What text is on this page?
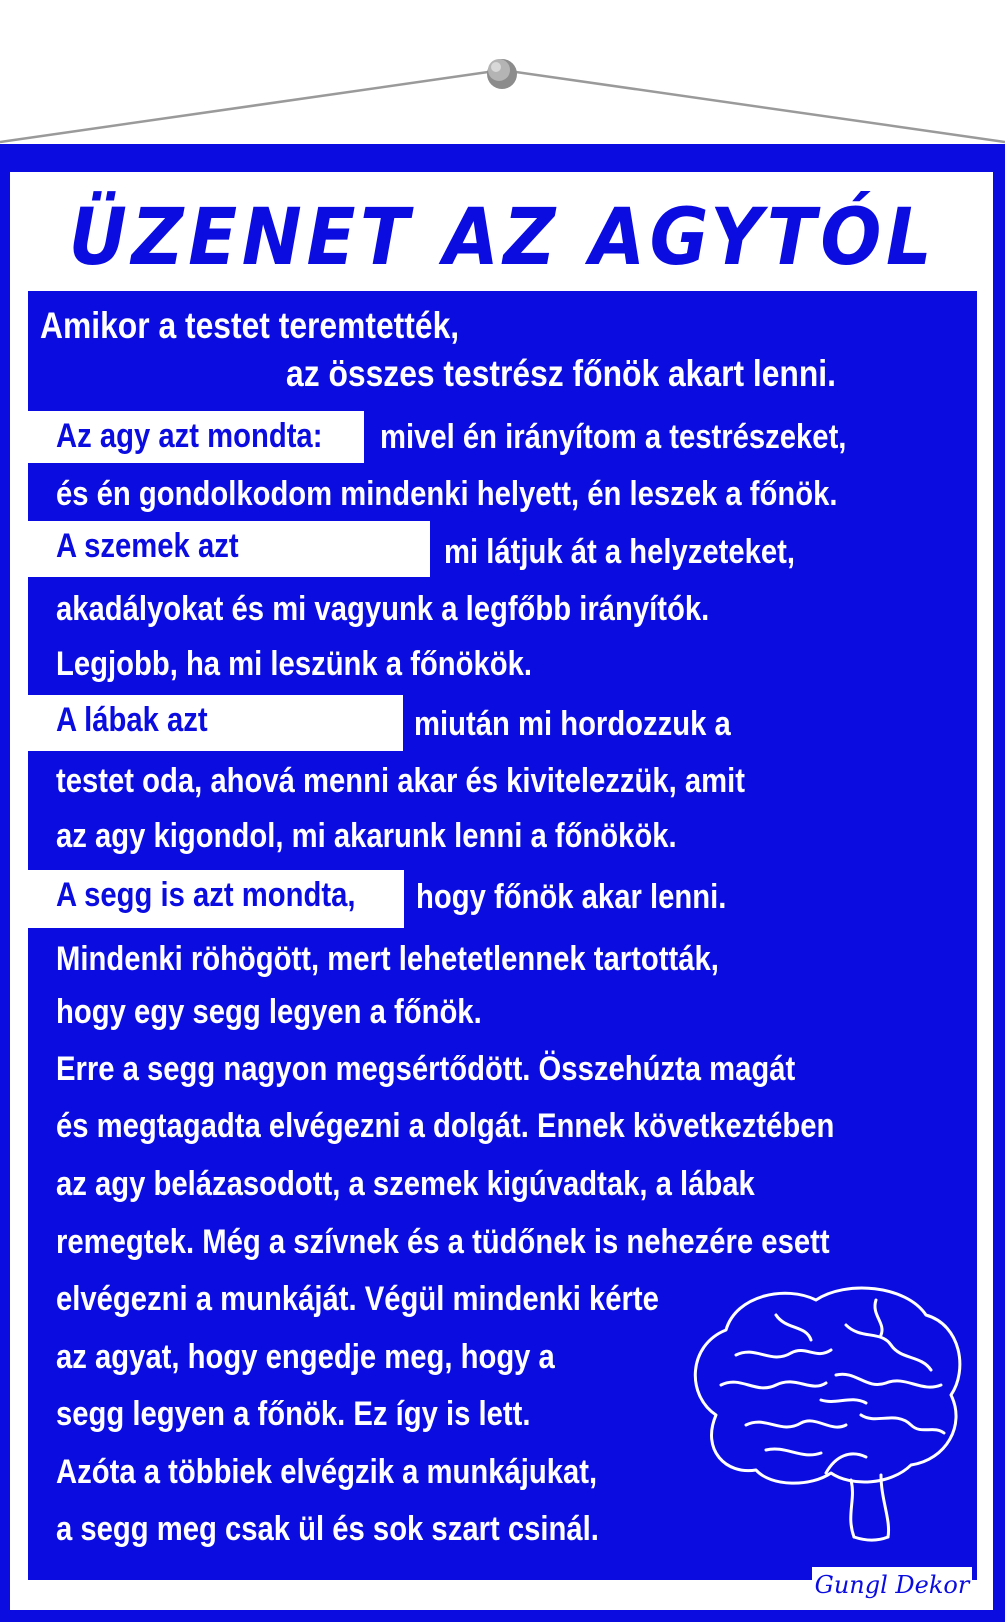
ÜZENET AZ AGYTÓL
Amikor a testet teremtették,
az összes testrész főnök akart lenni.
Az agy azt mondta:	mivel én irányítom a testrészeket,
és én gondolkodom mindenki helyett, én leszek a főnök.
A szemek azt	mi látjuk át a helyzeteket,
akadályokat és mi vagyunk a legfőbb irányítók.
Legjobb, ha mi leszünk a főnökök.
A lábak azt	miután mi hordozzuk a
testet oda, ahová menni akar és kivitelezzük, amit
az agy kigondol, mi akarunk lenni a főnökök.
A segg is azt mondta,	hogy főnök akar lenni.
Mindenki röhögött, mert lehetetlennek tartották,
hogy egy segg legyen a főnök.
Erre a segg nagyon megsértődött. Összehúzta magát
és megtagadta elvégezni a dolgát. Ennek következtében
az agy belázasodott, a szemek kigúvadtak, a lábak
remegtek. Még a szívnek és a tüdőnek is nehezére esett
elvégezni a munkáját. Végül mindenki kérte
az agyat, hogy engedje meg, hogy a
segg legyen a főnök. Ez így is lett.
Azóta a többiek elvégzik a munkájukat,
a segg meg csak ül és sok szart csinál.
Gungl Dekor
